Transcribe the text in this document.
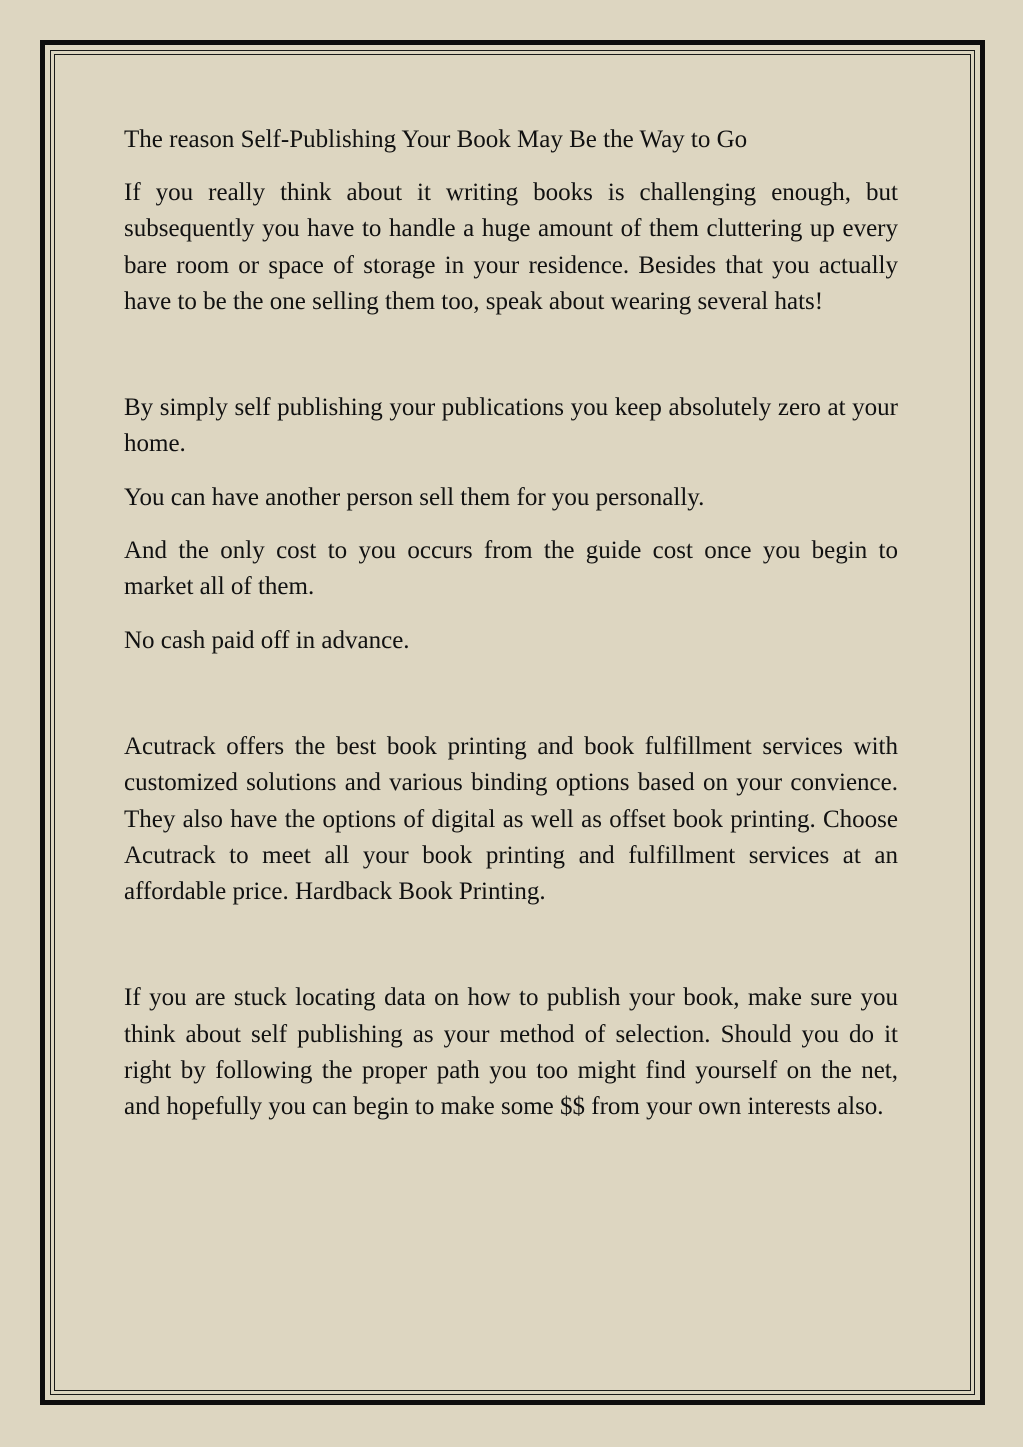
The reason Self-Publishing Your Book May Be the Way to Go

If you really think about it writing books is challenging enough, but subsequently you have to handle a huge amount of them cluttering up every bare room or space of storage in your residence. Besides that you actually have to be the one selling them too, speak about wearing several hats!

By simply self publishing your publications you keep absolutely zero at your home.

You can have another person sell them for you personally.

And the only cost to you occurs from the guide cost once you begin to market all of them.

No cash paid off in advance.

Acutrack offers the best book printing and book fulfillment services with customized solutions and various binding options based on your convience. They also have the options of digital as well as offset book printing. Choose Acutrack to meet all your book printing and fulfillment services at an affordable price. Hardback Book Printing.

If you are stuck locating data on how to publish your book, make sure you think about self publishing as your method of selection. Should you do it right by following the proper path you too might find yourself on the net, and hopefully you can begin to make some $$ from your own interests also.
